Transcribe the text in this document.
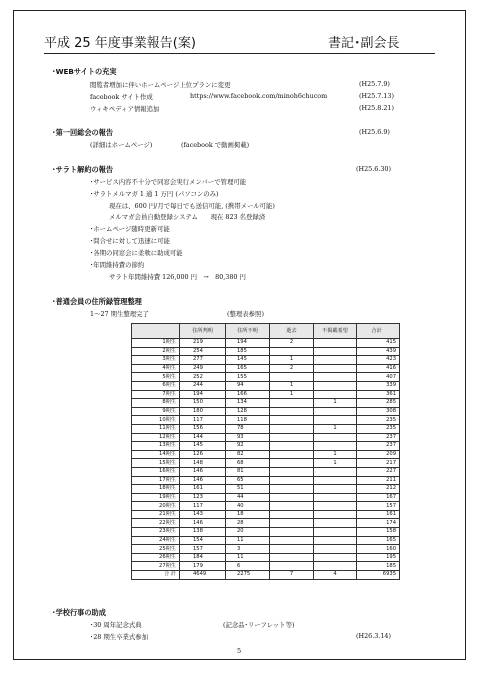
平成 25 年度事業報告(案)	書記･副会長
･WEBサイトの充実
閲覧者増加に伴いホームページ上位プランに変更	(H25.7.9)
facebook サイト作成	https://www.facebook.com/minoh6chucom	(H25.7.13)
ウィキペディア情報追加	(H25.8.21)
･第一回総会の報告	(H25.6.9)
(詳細はホームページ)	(facebook で動画掲載)
･サラト解約の報告	(H25.6.30)
･サービス内容不十分で同窓会実行メンバーで管理可能
･サラトメルマガ 1 通 1 万円 (パソコンのみ)
現在は、600 円/月で毎日でも送信可能, (携帯メール可能)
メルマガ会員自動登録システム　　現在 823 名登録済
･ホームページ随時更新可能
･問合せに対して迅速に可能
･各期の同窓会に柔軟に助成可能
･年間維持費の節約
サラト年間維持費 126,000 円　→　80,380 円
･普通会員の住所録管理整理
1～27 期生整理完了	(整理表参照)
	住所判明	住所不明	逝去	不掲載希望	合計
1期生	219	194	2		415
2期生	254	185			439
3期生	277	145	1		423
4期生	249	165	2		416
5期生	252	155			407
6期生	244	94	1		339
7期生	194	166	1		361
8期生	150	134		1	285
9期生	180	128			308
10期生	117	118			235
11期生	156	78		1	235
12期生	144	93			237
13期生	145	92			237
14期生	126	82		1	209
15期生	148	68		1	217
16期生	146	81			227
17期生	146	65			211
18期生	161	51			212
19期生	123	44			167
20期生	117	40			157
21期生	143	18			161
22期生	146	28			174
23期生	138	20			158
24期生	154	11			165
25期生	157	3			160
26期生	184	11			195
27期生	179	6			185
合 計	4649	2275	7	4	6935
･学校行事の助成
･30 周年記念式典	(記念品･リーフレット等)
･28 期生卒業式参加	(H26.3.14)
5
